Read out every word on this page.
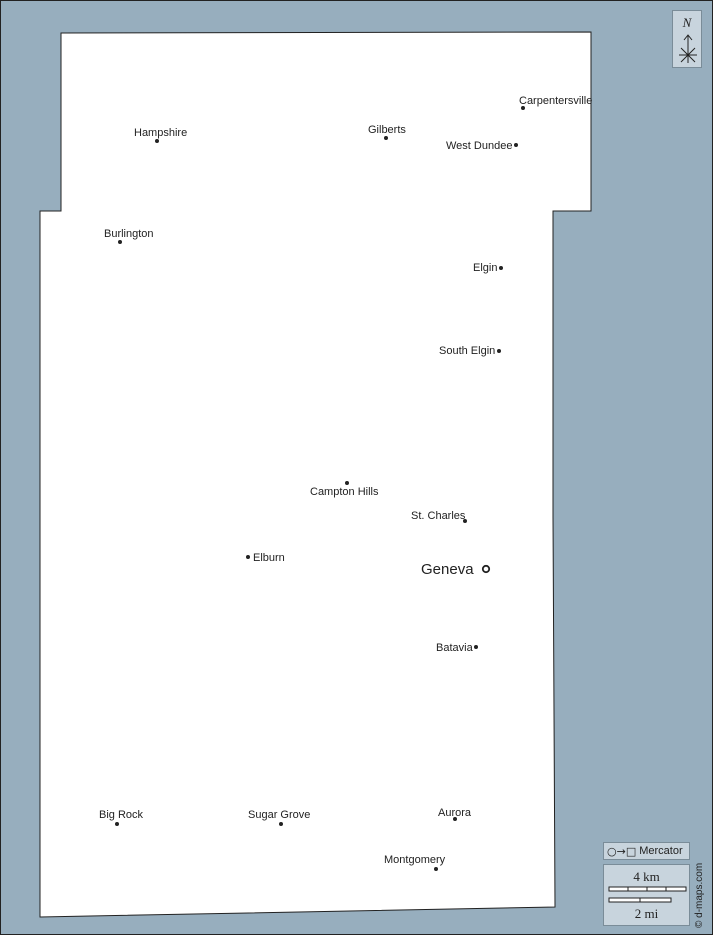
Carpentersville
Hampshire	Gilberts
West Dundee
Burlington
Elgin
South Elgin
Campton Hills
St. Charles
Elburn
Geneva
Batavia
Big Rock	Sugar Grove	Aurora
Montgomery
N
○→□ Mercator
4 km
2 mi	© d-maps.com
